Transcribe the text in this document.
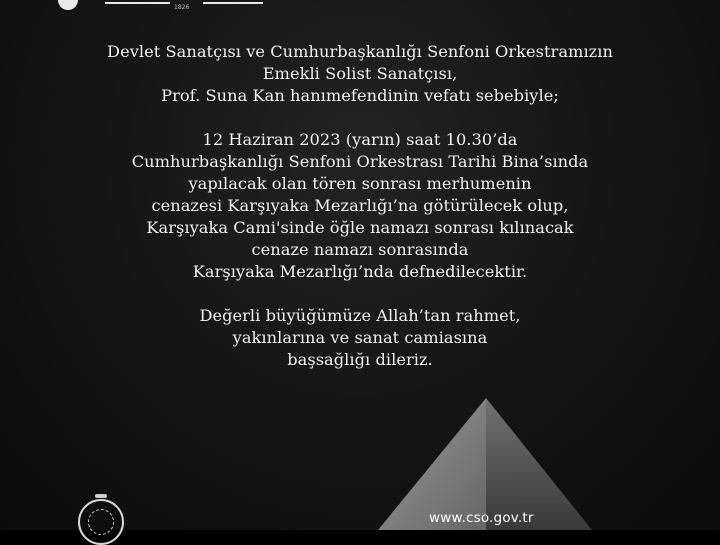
1826
Devlet Sanatçısı ve Cumhurbaşkanlığı Senfoni Orkestramızın
Emekli Solist Sanatçısı,
Prof. Suna Kan hanımefendinin vefatı sebebiyle;
12 Haziran 2023 (yarın) saat 10.30’da
Cumhurbaşkanlığı Senfoni Orkestrası Tarihi Bina’sında
yapılacak olan tören sonrası merhumenin
cenazesi Karşıyaka Mezarlığı’na götürülecek olup,
Karşıyaka Cami'sinde öğle namazı sonrası kılınacak
cenaze namazı sonrasında
Karşıyaka Mezarlığı’nda defnedilecektir.
Değerli büyüğümüze Allah’tan rahmet,
yakınlarına ve sanat camiasına
başsağlığı dileriz.
www.cso.gov.tr
